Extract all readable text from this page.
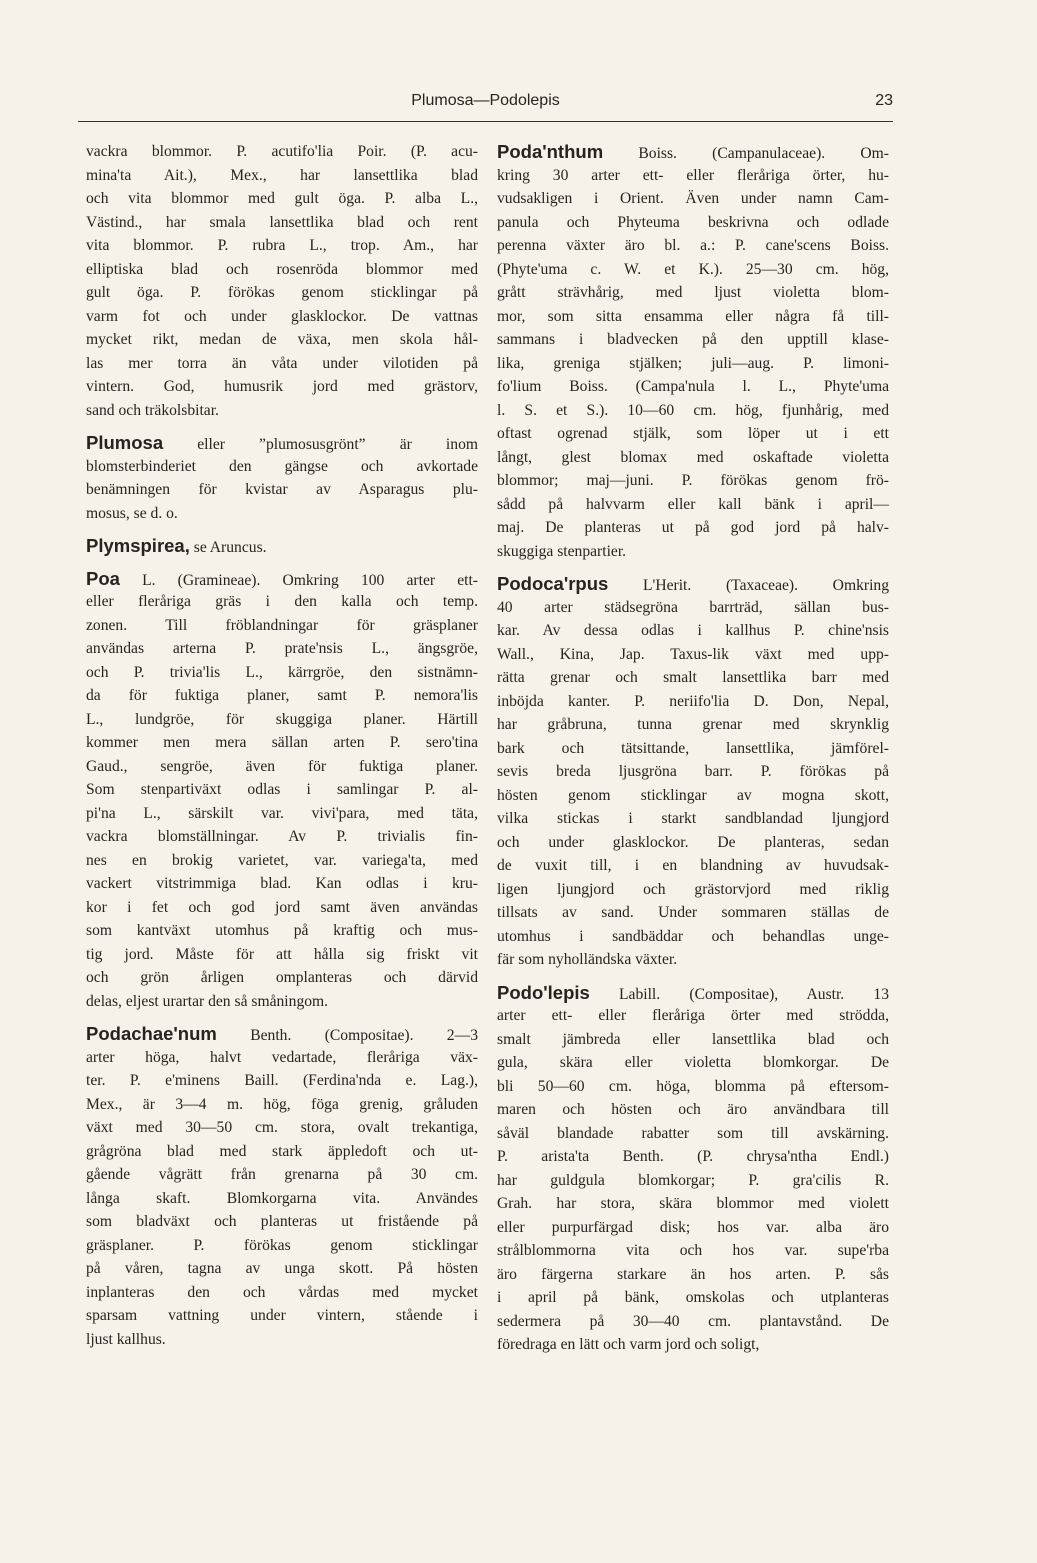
Plumosa—Podolepis	23
vackra blommor. P. acutifo'lia Poir. (P. acu-
mina'ta Ait.), Mex., har lansettlika blad
och vita blommor med gult öga. P. alba L.,
Västind., har smala lansettlika blad och rent
vita blommor. P. rubra L., trop. Am., har
elliptiska blad och rosenröda blommor med
gult öga. P. förökas genom sticklingar på
varm fot och under glasklockor. De vattnas
mycket rikt, medan de växa, men skola hål-
las mer torra än våta under vilotiden på
vintern. God, humusrik jord med grästorv,
sand och träkolsbitar.
Plumosa eller ”plumosusgrönt” är inom
blomsterbinderiet den gängse och avkortade
benämningen för kvistar av Asparagus plu-
mosus, se d. o.
Plymspirea, se Aruncus.
Poa L. (Gramineae). Omkring 100 arter ett-
eller fleråriga gräs i den kalla och temp.
zonen. Till fröblandningar för gräsplaner
användas arterna P. prate'nsis L., ängsgröe,
och P. trivia'lis L., kärrgröe, den sistnämn-
da för fuktiga planer, samt P. nemora'lis
L., lundgröe, för skuggiga planer. Härtill
kommer men mera sällan arten P. sero'tina
Gaud., sengröe, även för fuktiga planer.
Som stenpartiväxt odlas i samlingar P. al-
pi'na L., särskilt var. vivi'para, med täta,
vackra blomställningar. Av P. trivialis fin-
nes en brokig varietet, var. variega'ta, med
vackert vitstrimmiga blad. Kan odlas i kru-
kor i fet och god jord samt även användas
som kantväxt utomhus på kraftig och mus-
tig jord. Måste för att hålla sig friskt vit
och grön årligen omplanteras och därvid
delas, eljest urartar den så småningom.
Podachae'num Benth. (Compositae). 2—3
arter höga, halvt vedartade, fleråriga väx-
ter. P. e'minens Baill. (Ferdina'nda e. Lag.),
Mex., är 3—4 m. hög, föga grenig, gråluden
växt med 30—50 cm. stora, ovalt trekantiga,
grågröna blad med stark äppledoft och ut-
gående vågrätt från grenarna på 30 cm.
långa skaft. Blomkorgarna vita. Användes
som bladväxt och planteras ut fristående på
gräsplaner. P. förökas genom sticklingar
på våren, tagna av unga skott. På hösten
inplanteras den och vårdas med mycket
sparsam vattning under vintern, stående i
ljust kallhus.
Poda'nthum Boiss. (Campanulaceae). Om-
kring 30 arter ett- eller fleråriga örter, hu-
vudsakligen i Orient. Även under namn Cam-
panula och Phyteuma beskrivna och odlade
perenna växter äro bl. a.: P. cane'scens Boiss.
(Phyte'uma c. W. et K.). 25—30 cm. hög,
grått strävhårig, med ljust violetta blom-
mor, som sitta ensamma eller några få till-
sammans i bladvecken på den upptill klase-
lika, greniga stjälken; juli—aug. P. limoni-
fo'lium Boiss. (Campa'nula l. L., Phyte'uma
l. S. et S.). 10—60 cm. hög, fjunhårig, med
oftast ogrenad stjälk, som löper ut i ett
långt, glest blomax med oskaftade violetta
blommor; maj—juni. P. förökas genom frö-
sådd på halvvarm eller kall bänk i april—
maj. De planteras ut på god jord på halv-
skuggiga stenpartier.
Podoca'rpus L'Herit. (Taxaceae). Omkring
40 arter städsegröna barrträd, sällan bus-
kar. Av dessa odlas i kallhus P. chine'nsis
Wall., Kina, Jap. Taxus-lik växt med upp-
rätta grenar och smalt lansettlika barr med
inböjda kanter. P. neriifo'lia D. Don, Nepal,
har gråbruna, tunna grenar med skrynklig
bark och tätsittande, lansettlika, jämförel-
sevis breda ljusgröna barr. P. förökas på
hösten genom sticklingar av mogna skott,
vilka stickas i starkt sandblandad ljungjord
och under glasklockor. De planteras, sedan
de vuxit till, i en blandning av huvudsak-
ligen ljungjord och grästorvjord med riklig
tillsats av sand. Under sommaren ställas de
utomhus i sandbäddar och behandlas unge-
fär som nyholländska växter.
Podo'lepis Labill. (Compositae), Austr. 13
arter ett- eller fleråriga örter med strödda,
smalt jämbreda eller lansettlika blad och
gula, skära eller violetta blomkorgar. De
bli 50—60 cm. höga, blomma på eftersom-
maren och hösten och äro användbara till
såväl blandade rabatter som till avskärning.
P. arista'ta Benth. (P. chrysa'ntha Endl.)
har guldgula blomkorgar; P. gra'cilis R.
Grah. har stora, skära blommor med violett
eller purpurfärgad disk; hos var. alba äro
strålblommorna vita och hos var. supe'rba
äro färgerna starkare än hos arten. P. sås
i april på bänk, omskolas och utplanteras
sedermera på 30—40 cm. plantavstånd. De
föredraga en lätt och varm jord och soligt,
